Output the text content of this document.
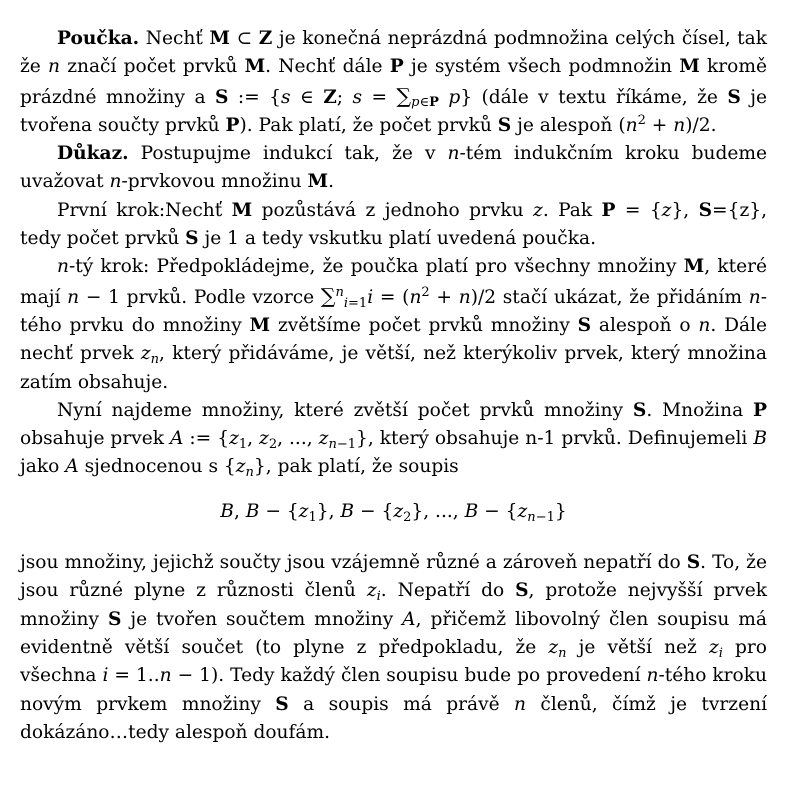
Poučka. Nechť M ⊂ Z je konečná neprázdná podmnožina celých čísel, tak že n značí počet prvků M. Nechť dále P je systém všech podmnožin M kromě prázdné množiny a S := {s ∈ Z; $s = \sum_{p\in P}$ p} (dále v textu říkáme, že S je tvořena součty prvků P). Pak platí, že počet prvků S je alespoň $(n^2 + n)/2$.

Důkaz. Postupujme indukcí tak, že v n-tém indukčním kroku budeme uvažovat n-prvkovou množinu M.

První krok:Nechť M pozůstává z jednoho prvku z. Pak P = {z}, S={z}, tedy počet prvků S je 1 a tedy vskutku platí uvedená poučka.

n-tý krok: Předpokládejme, že poučka platí pro všechny množiny M, které mají n − 1 prvků. Podle vzorce $\sum^n_{i=1}i = (n^2 + n)/2$ stačí ukázat, že přidáním n-tého prvku do množiny M zvětšíme počet prvků množiny S alespoň o n. Dále nechť prvek $z_n$, který přidáváme, je větší, než kterýkoliv prvek, který množina zatím obsahuje.

Nyní najdeme množiny, které zvětší počet prvků množiny S. Množina P obsahuje prvek A := {$z_1$, $z_2$, ..., $z_{n-1}$}, který obsahuje n-1 prvků. Definujemeli B jako A sjednocenou s $\{z_n\}$, pak platí, že soupis

B, $B - \{z_1\}$, $B - \{z_2\}$, ..., $B - \{z_{n-1}\}$

jsou množiny, jejichž součty jsou vzájemně různé a zároveň nepatří do S. To, že jsou různé plyne z různosti členů $z_i$. Nepatří do S, protože nejvyšší prvek množiny S je tvořen součtem množiny A, přičemž libovolný člen soupisu má evidentně větší součet (to plyne z předpokladu, že $z_n$ je větší než $z_i$ pro všechna i = 1..n − 1). Tedy každý člen soupisu bude po provedení n-tého kroku novým prvkem množiny S a soupis má právě n členů, čímž je tvrzení dokázáno…tedy alespoň doufám.
